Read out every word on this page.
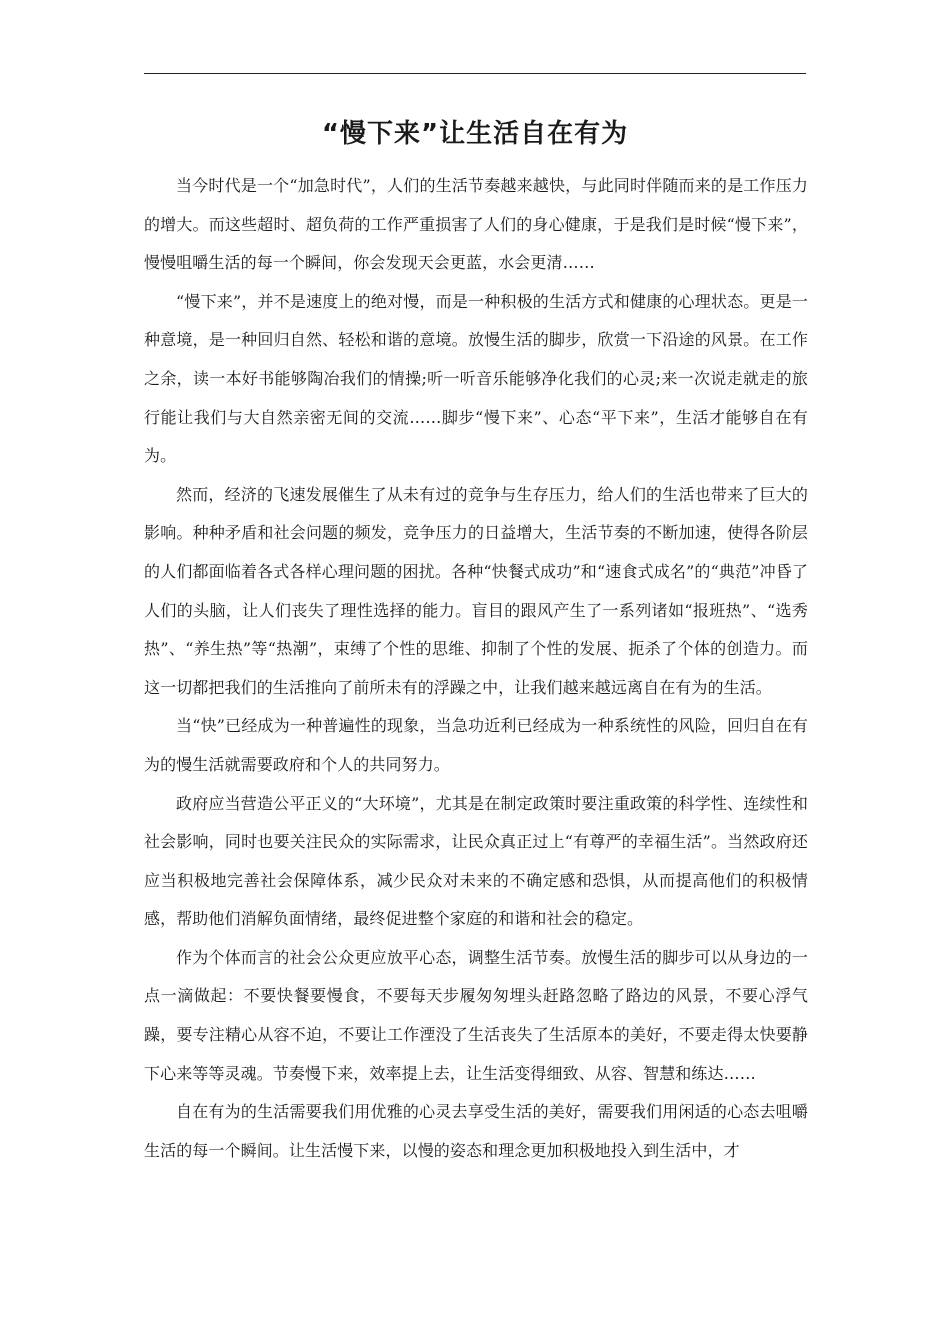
“慢下来”让生活自在有为

当今时代是一个“加急时代”，人们的生活节奏越来越快，与此同时伴随而来的是工作压力的增大。而这些超时、超负荷的工作严重损害了人们的身心健康，于是我们是时候“慢下来”，慢慢咀嚼生活的每一个瞬间，你会发现天会更蓝，水会更清……

“慢下来”，并不是速度上的绝对慢，而是一种积极的生活方式和健康的心理状态。更是一种意境，是一种回归自然、轻松和谐的意境。放慢生活的脚步，欣赏一下沿途的风景。在工作之余，读一本好书能够陶冶我们的情操;听一听音乐能够净化我们的心灵;来一次说走就走的旅行能让我们与大自然亲密无间的交流……脚步“慢下来”、心态“平下来”，生活才能够自在有为。

然而，经济的飞速发展催生了从未有过的竞争与生存压力，给人们的生活也带来了巨大的影响。种种矛盾和社会问题的频发，竞争压力的日益增大，生活节奏的不断加速，使得各阶层的人们都面临着各式各样心理问题的困扰。各种“快餐式成功”和“速食式成名”的“典范”冲昏了人们的头脑，让人们丧失了理性选择的能力。盲目的跟风产生了一系列诸如“报班热”、“选秀热”、“养生热”等“热潮”，束缚了个性的思维、抑制了个性的发展、扼杀了个体的创造力。而这一切都把我们的生活推向了前所未有的浮躁之中，让我们越来越远离自在有为的生活。

当“快”已经成为一种普遍性的现象，当急功近利已经成为一种系统性的风险，回归自在有为的慢生活就需要政府和个人的共同努力。

政府应当营造公平正义的“大环境”，尤其是在制定政策时要注重政策的科学性、连续性和社会影响，同时也要关注民众的实际需求，让民众真正过上“有尊严的幸福生活”。当然政府还应当积极地完善社会保障体系，减少民众对未来的不确定感和恐惧，从而提高他们的积极情感，帮助他们消解负面情绪，最终促进整个家庭的和谐和社会的稳定。

作为个体而言的社会公众更应放平心态，调整生活节奏。放慢生活的脚步可以从身边的一点一滴做起：不要快餐要慢食，不要每天步履匆匆埋头赶路忽略了路边的风景，不要心浮气躁，要专注精心从容不迫，不要让工作湮没了生活丧失了生活原本的美好，不要走得太快要静下心来等等灵魂。节奏慢下来，效率提上去，让生活变得细致、从容、智慧和练达……

自在有为的生活需要我们用优雅的心灵去享受生活的美好，需要我们用闲适的心态去咀嚼生活的每一个瞬间。让生活慢下来，以慢的姿态和理念更加积极地投入到生活中，才
